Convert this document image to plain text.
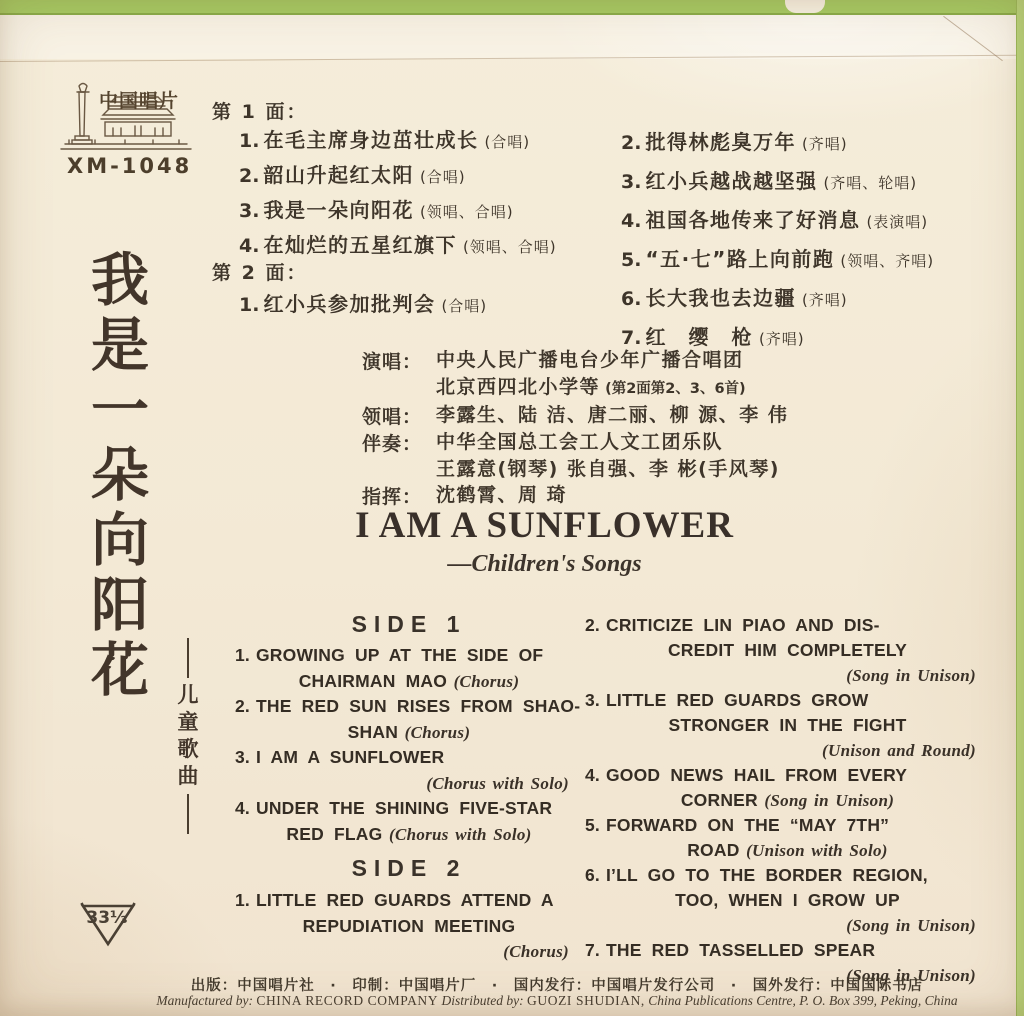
中国唱片
XM-1048
我
是
一
朵
向
阳
花 儿
童
歌
曲
第 1 面：
1. 在毛主席身边茁壮成长 (合唱)
2. 韶山升起红太阳 (合唱)
3. 我是一朵向阳花 (领唱、合唱)
4. 在灿烂的五星红旗下 (领唱、合唱)
第 2 面：
1. 红小兵参加批判会 (合唱)
2. 批得林彪臭万年 (齐唱)
3. 红小兵越战越坚强 (齐唱、轮唱)
4. 祖国各地传来了好消息 (表演唱)
5. “五·七”路上向前跑 (领唱、齐唱)
6. 长大我也去边疆 (齐唱)
7. 红　缨　枪 (齐唱)
演唱： 中央人民广播电台少年广播合唱团
北京西四北小学等 (第2面第2、3、6首)
领唱： 李露生、陆 洁、唐二丽、柳 源、李 伟
伴奏： 中华全国总工会工人文工团乐队
王露意(钢琴) 张自强、李 彬(手风琴)
指挥： 沈鹤霄、周 琦
I AM A SUNFLOWER
—Children's Songs
SIDE 1
1. GROWING UP AT THE SIDE OF
CHAIRMAN MAO (Chorus)
2. THE RED SUN RISES FROM SHAO-
SHAN (Chorus)
3. I AM A SUNFLOWER
(Chorus with Solo)
4. UNDER THE SHINING FIVE-STAR
RED FLAG (Chorus with Solo)
SIDE 2
1. LITTLE RED GUARDS ATTEND A
REPUDIATION MEETING
(Chorus)
2. CRITICIZE LIN PIAO AND DIS-
CREDIT HIM COMPLETELY
(Song in Unison)
3. LITTLE RED GUARDS GROW
STRONGER IN THE FIGHT
(Unison and Round)
4. GOOD NEWS HAIL FROM EVERY
CORNER (Song in Unison)
5. FORWARD ON THE “MAY 7TH”
ROAD (Unison with Solo)
6. I’LL GO TO THE BORDER REGION,
TOO, WHEN I GROW UP
(Song in Unison)
7. THE RED TASSELLED SPEAR
(Song in Unison)
33⅓
出版：中国唱片社　·　印制：中国唱片厂　·　国内发行：中国唱片发行公司　·　国外发行：中国国际书店
Manufactured by: CHINA RECORD COMPANY Distributed by: GUOZI SHUDIAN, China Publications Centre, P. O. Box 399, Peking, China
